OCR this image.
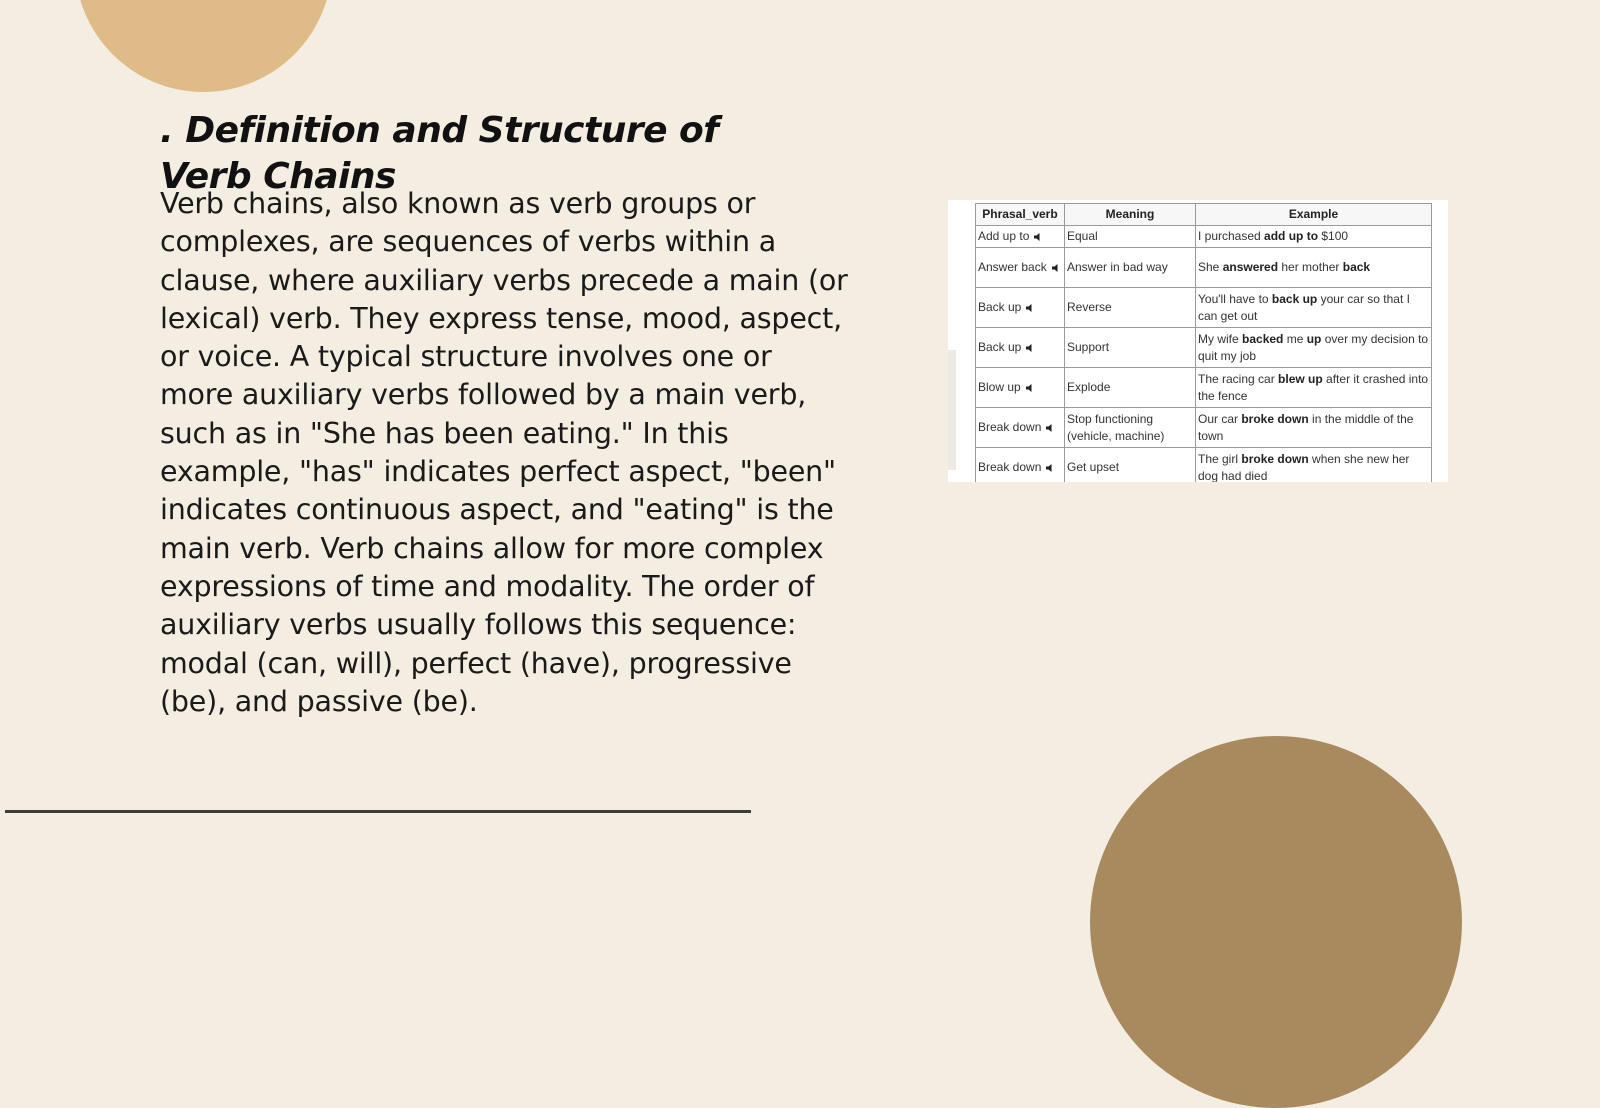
. Definition and Structure of Verb Chains

Verb chains, also known as verb groups or complexes, are sequences of verbs within a clause, where auxiliary verbs precede a main (or lexical) verb. They express tense, mood, aspect, or voice. A typical structure involves one or more auxiliary verbs followed by a main verb, such as in "She has been eating." In this example, "has" indicates perfect aspect, "been" indicates continuous aspect, and "eating" is the main verb. Verb chains allow for more complex expressions of time and modality. The order of auxiliary verbs usually follows this sequence: modal (can, will), perfect (have), progressive (be), and passive (be).

Phrasal_verb	Meaning	Example
Add up to	Equal	I purchased add up to $100
Answer back	Answer in bad way	She answered her mother back
Back up	Reverse	You'll have to back up your car so that I can get out
Back up	Support	My wife backed me up over my decision to quit my job
Blow up	Explode	The racing car blew up after it crashed into the fence
Break down	Stop functioning (vehicle, machine)	Our car broke down in the middle of the town
Break down	Get upset	The girl broke down when she new her dog had died
